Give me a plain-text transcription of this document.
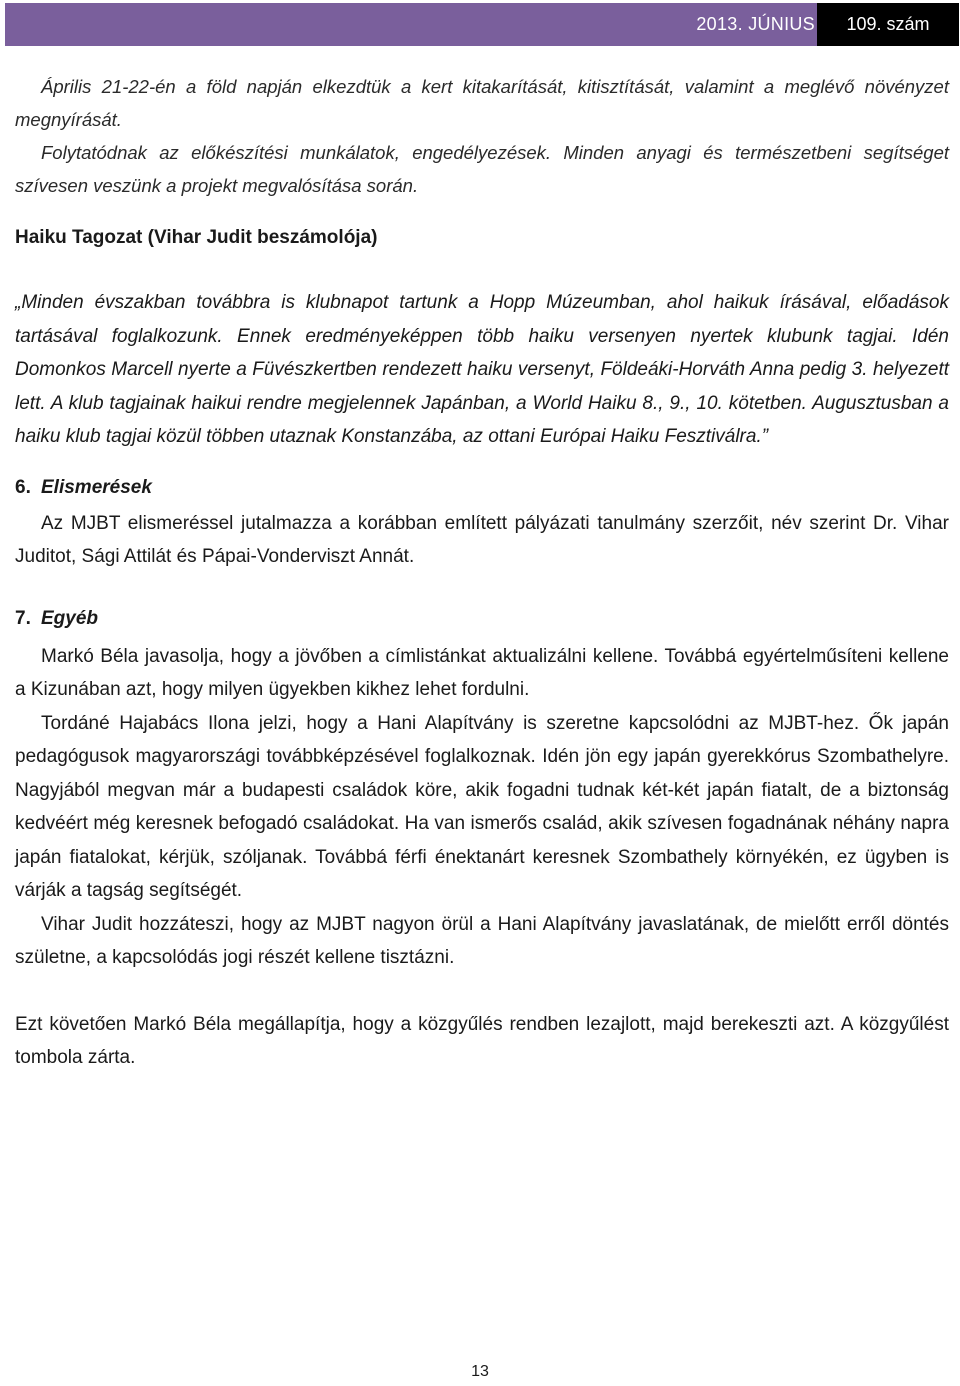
2013. JÚNIUS	109. szám

Április 21-22-én a föld napján elkezdtük a kert kitakarítását, kitisztítását, valamint a meglévő növényzet megnyírását.

Folytatódnak az előkészítési munkálatok, engedélyezések. Minden anyagi és természetbeni segítséget szívesen veszünk a projekt megvalósítása során.

Haiku Tagozat (Vihar Judit beszámolója)

„Minden évszakban továbbra is klubnapot tartunk a Hopp Múzeumban, ahol haikuk írásával, előadások tartásával foglalkozunk. Ennek eredményeképpen több haiku versenyen nyertek klubunk tagjai. Idén Domonkos Marcell nyerte a Füvészkertben rendezett haiku versenyt, Földeáki-Horváth Anna pedig 3. helyezett lett. A klub tagjainak haikui rendre megjelennek Japánban, a World Haiku 8., 9., 10. kötetben. Augusztusban a haiku klub tagjai közül többen utaznak Konstanzába, az ottani Európai Haiku Fesztiválra.”

6. Elismerések

Az MJBT elismeréssel jutalmazza a korábban említett pályázati tanulmány szerzőit, név szerint Dr. Vihar Juditot, Sági Attilát és Pápai-Vonderviszt Annát.

7. Egyéb

Markó Béla javasolja, hogy a jövőben a címlistánkat aktualizálni kellene. Továbbá egyértelműsíteni kellene a Kizunában azt, hogy milyen ügyekben kikhez lehet fordulni.

Tordáné Hajabács Ilona jelzi, hogy a Hani Alapítvány is szeretne kapcsolódni az MJBT-hez. Ők japán pedagógusok magyarországi továbbképzésével foglalkoznak. Idén jön egy japán gyerekkórus Szombathelyre. Nagyjából megvan már a budapesti családok köre, akik fogadni tudnak két-két japán fiatalt, de a biztonság kedvéért még keresnek befogadó családokat. Ha van ismerős család, akik szívesen fogadnának néhány napra japán fiatalokat, kérjük, szóljanak. Továbbá férfi énektanárt keresnek Szombathely környékén, ez ügyben is várják a tagság segítségét.

Vihar Judit hozzáteszi, hogy az MJBT nagyon örül a Hani Alapítvány javaslatának, de mielőtt erről döntés születne, a kapcsolódás jogi részét kellene tisztázni.

Ezt követően Markó Béla megállapítja, hogy a közgyűlés rendben lezajlott, majd berekeszti azt. A közgyűlést tombola zárta.

13
